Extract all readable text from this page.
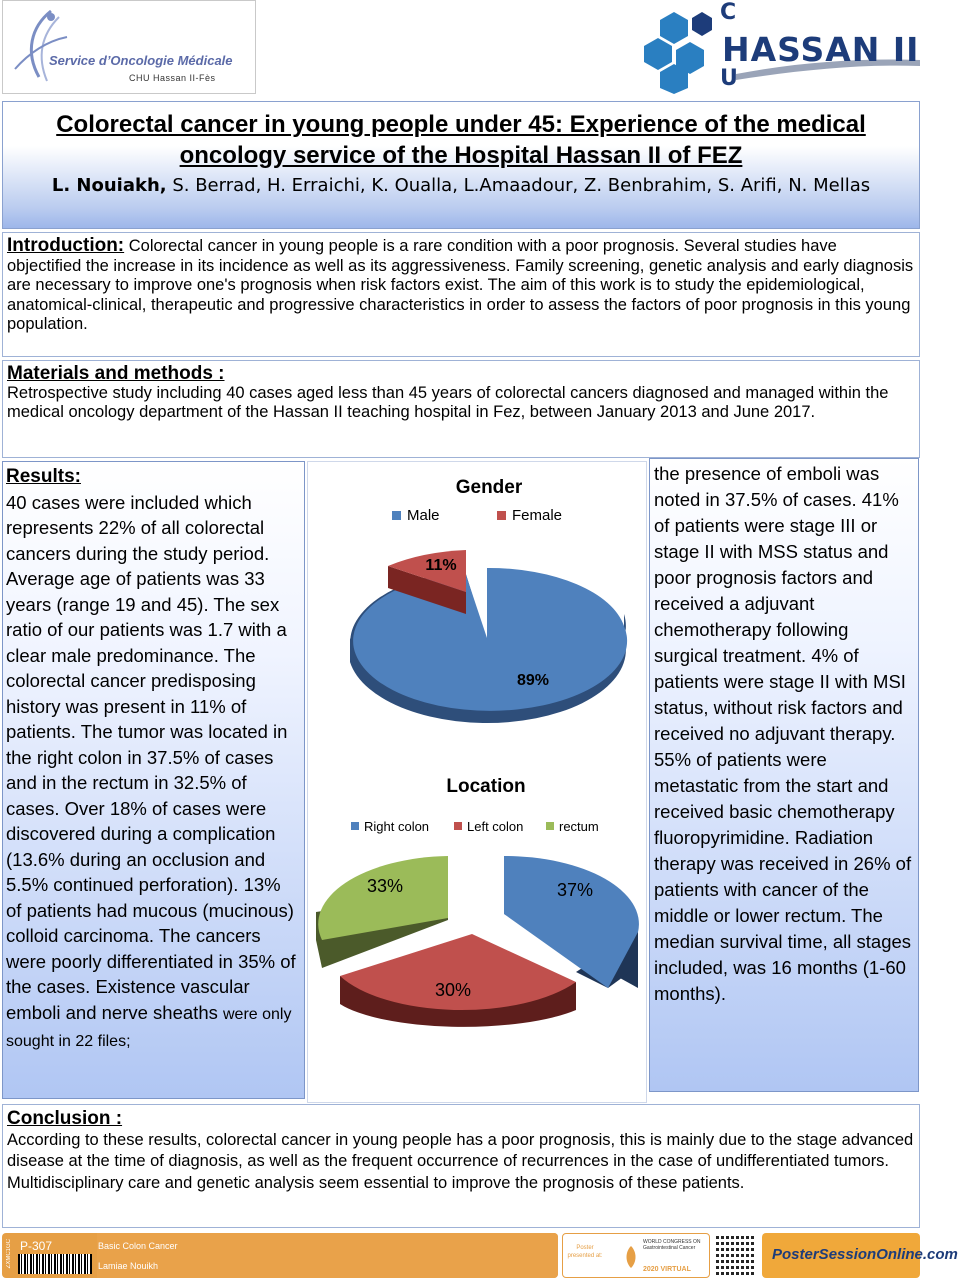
Service d’Oncologie Médicale
CHU Hassan II-Fès
C
HASSAN II
U
Colorectal cancer in young people under 45: Experience of the medical oncology service of the Hospital Hassan II of FEZ
L. Nouiakh, S. Berrad, H. Erraichi, K. Oualla, L.Amaadour, Z. Benbrahim, S. Arifi, N. Mellas
Introduction: Colorectal cancer in young people is a rare condition with a poor prognosis. Several studies have objectified the increase in its incidence as well as its aggressiveness. Family screening, genetic analysis and early diagnosis are necessary to improve one's prognosis when risk factors exist. The aim of this work is to study the epidemiological, anatomical-clinical, therapeutic and progressive characteristics in order to assess the factors of poor prognosis in this young population.
Materials and methods :
Retrospective study including 40 cases aged less than 45 years of colorectal cancers diagnosed and managed within the medical oncology department of the Hassan II teaching hospital in Fez, between January 2013 and June 2017.
Results:
40 cases were included which represents 22% of all colorectal cancers during the study period. Average age of patients was 33 years (range 19 and 45). The sex ratio of our patients was 1.7 with a clear male predominance. The colorectal cancer predisposing history was present in 11% of patients. The tumor was located in the right colon in 37.5% of cases and in the rectum in 32.5% of cases. Over 18% of cases were discovered during a complication (13.6% during an occlusion and 5.5% continued perforation). 13% of patients had mucous (mucinous) colloid carcinoma. The cancers were poorly differentiated in 35% of the cases. Existence vascular emboli and nerve sheaths were only sought in 22 files;
Gender
Male	Female
89%
11%
Location
Right colon	Left colon	rectum
37%
30%
33%
the presence of emboli was noted in 37.5% of cases. 41% of patients were stage III or stage II with MSS status and poor prognosis factors and received a adjuvant chemotherapy following surgical treatment. 4% of patients were stage II with MSI status, without risk factors and received no adjuvant therapy. 55% of patients were metastatic from the start and received basic chemotherapy fluoropyrimidine. Radiation therapy was received in 26% of patients with cancer of the middle or lower rectum. The median survival time, all stages included, was 16 months (1-60 months).
Conclusion :
According to these results, colorectal cancer in young people has a poor prognosis, this is mainly due to the stage advanced disease at the time of diagnosis, as well as the frequent occurrence of recurrences in the case of undifferentiated tumors. Multidisciplinary care and genetic analysis seem essential to improve the prognosis of these patients.
ZXMC1GC P-307	Basic Colon Cancer
Lamiae Nouikh
Poster presented at:
WORLD CONGRESS ON Gastrointestinal Cancer
2020 VIRTUAL
PosterSessionOnline.com
